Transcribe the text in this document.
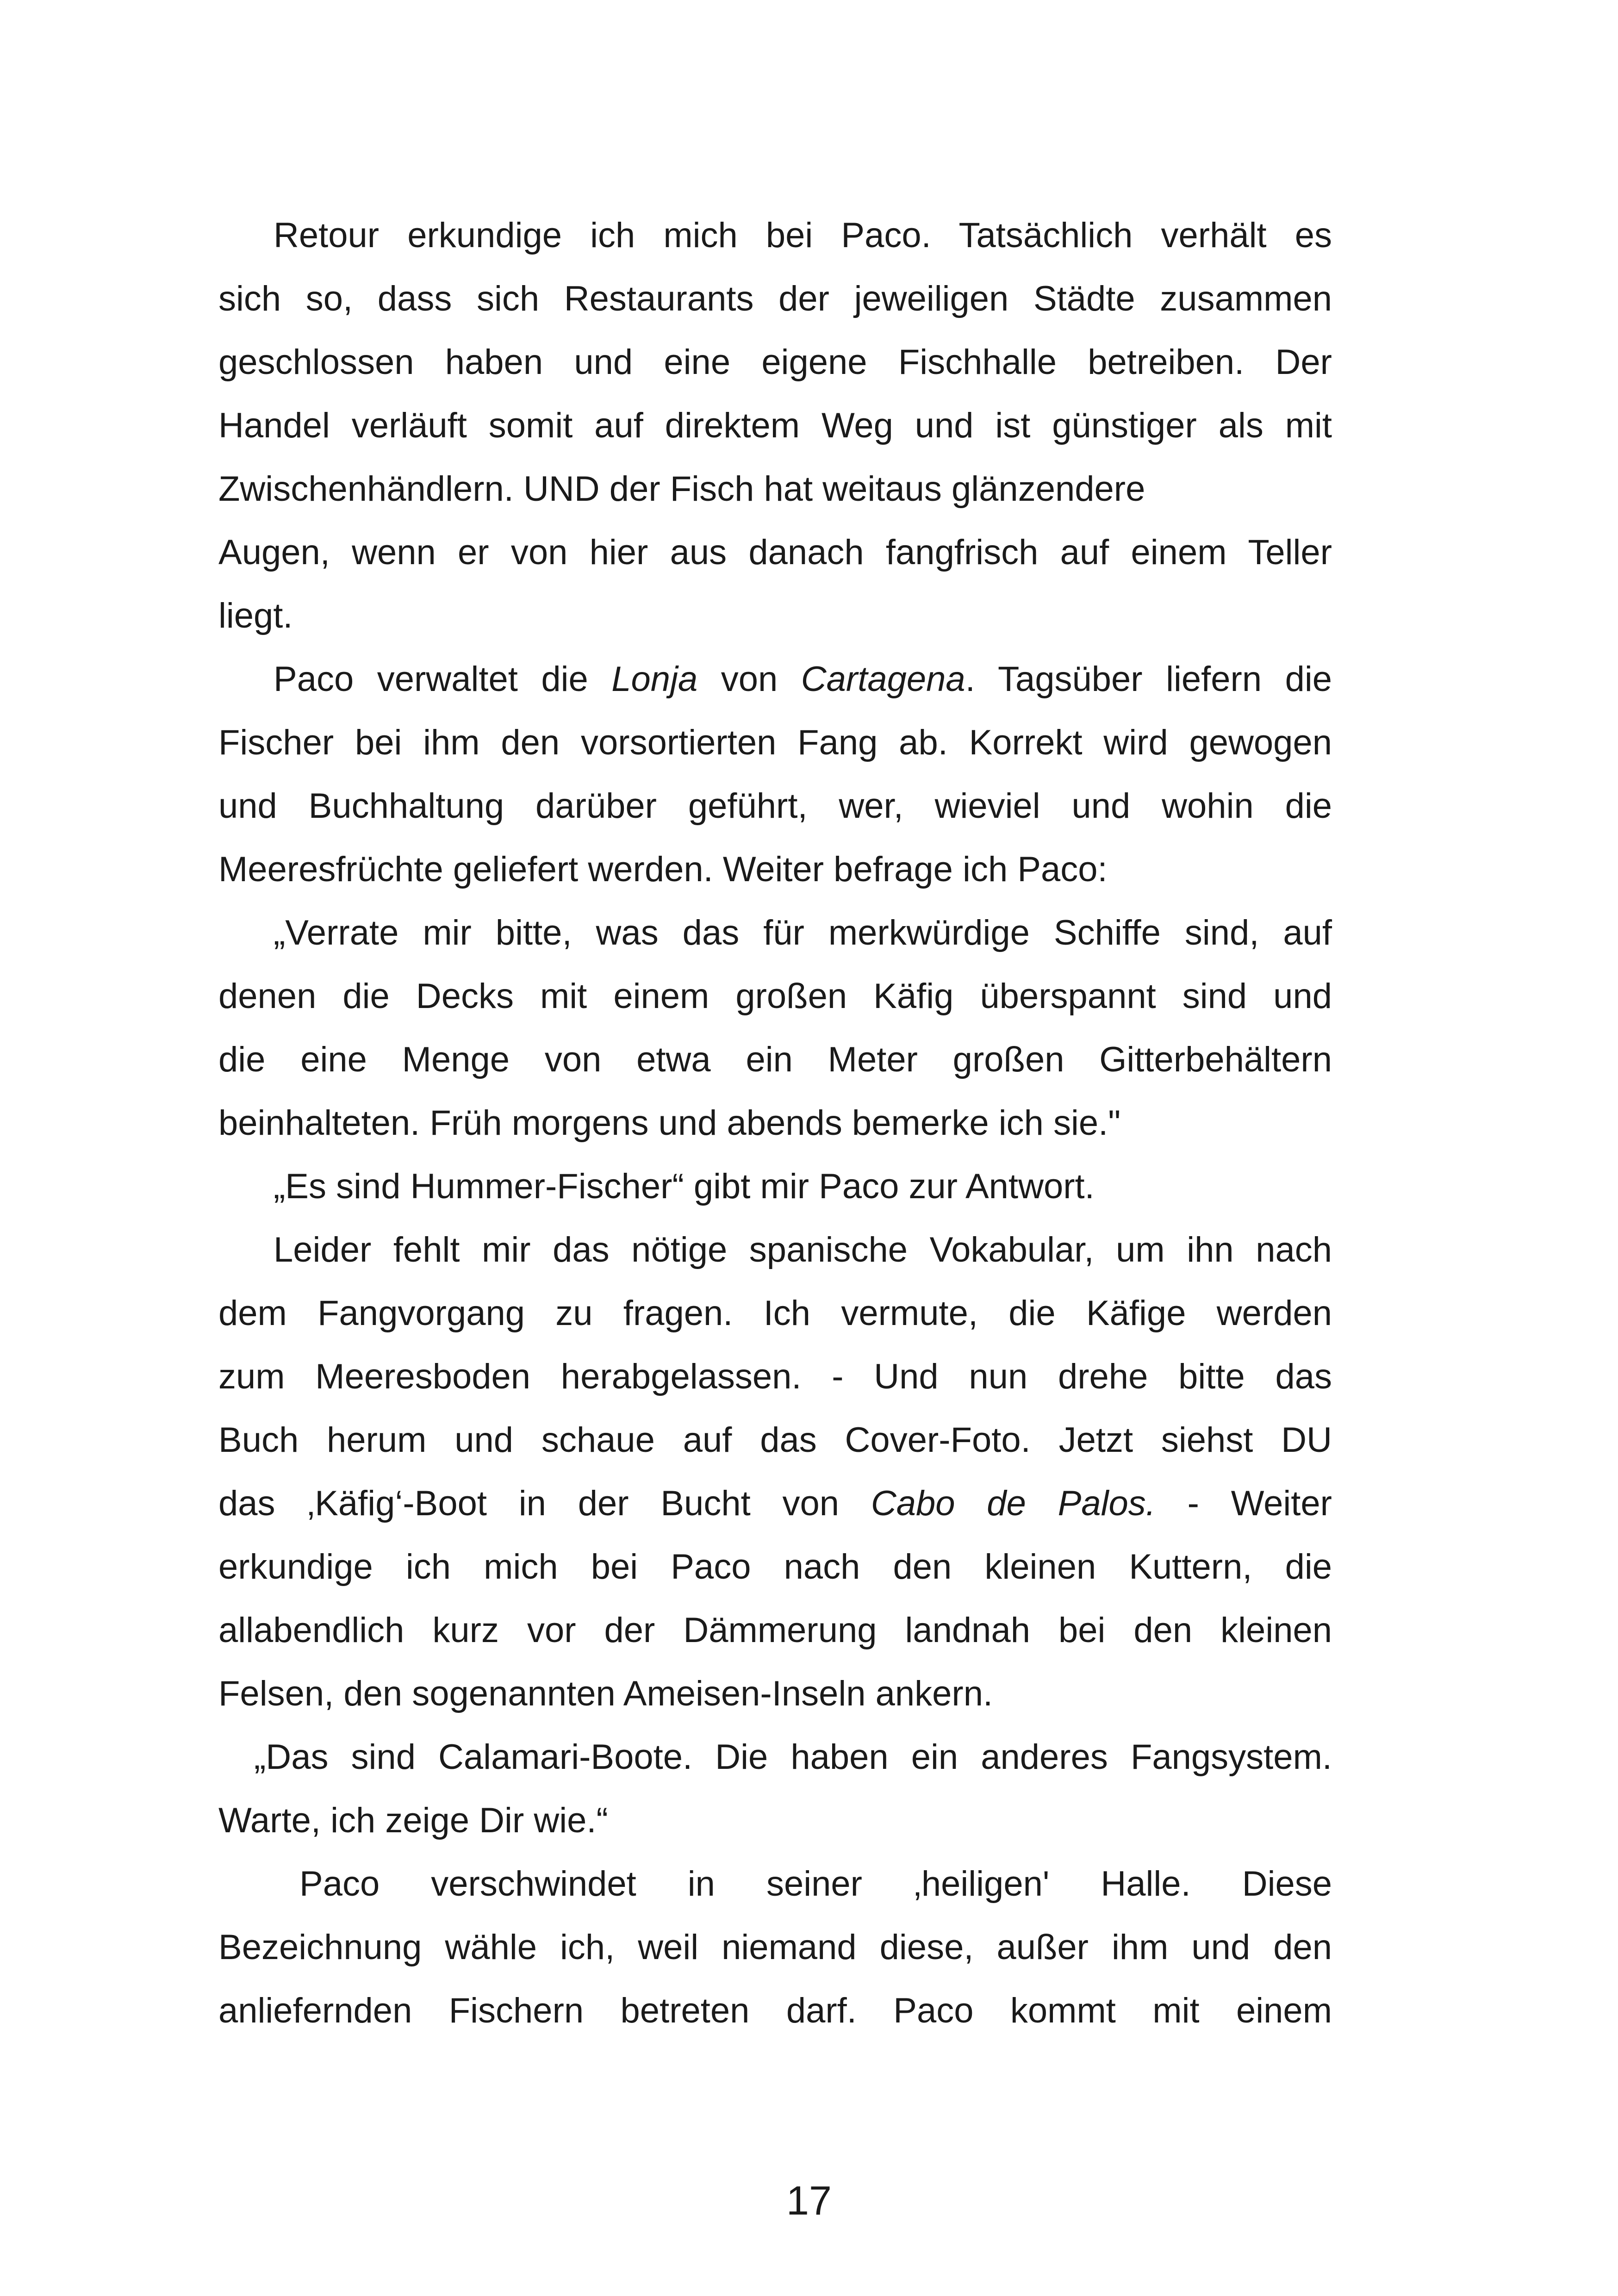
Retour erkundige ich mich bei Paco. Tatsächlich verhält es
sich so, dass sich Restaurants der jeweiligen Städte zusammen
geschlossen haben und eine eigene Fischhalle betreiben. Der
Handel verläuft somit auf direktem Weg und ist günstiger als mit
Zwischenhändlern. UND der Fisch hat weitaus glänzendere
Augen, wenn er von hier aus danach fangfrisch auf einem Teller
liegt.
Paco verwaltet die Lonja von Cartagena. Tagsüber liefern die
Fischer bei ihm den vorsortierten Fang ab. Korrekt wird gewogen
und Buchhaltung darüber geführt, wer, wieviel und wohin die
Meeresfrüchte geliefert werden. Weiter befrage ich Paco:
„Verrate mir bitte, was das für merkwürdige Schiffe sind, auf
denen die Decks mit einem großen Käfig überspannt sind und
die eine Menge von etwa ein Meter großen Gitterbehältern
beinhalteten. Früh morgens und abends bemerke ich sie."
„Es sind Hummer-Fischer“ gibt mir Paco zur Antwort.
Leider fehlt mir das nötige spanische Vokabular, um ihn nach
dem Fangvorgang zu fragen. Ich vermute, die Käfige werden
zum Meeresboden herabgelassen. - Und nun drehe bitte das
Buch herum und schaue auf das Cover-Foto. Jetzt siehst DU
das ‚Käfig‘-Boot in der Bucht von Cabo de Palos. - Weiter
erkundige ich mich bei Paco nach den kleinen Kuttern, die
allabendlich kurz vor der Dämmerung landnah bei den kleinen
Felsen, den sogenannten Ameisen-Inseln ankern.
„Das sind Calamari-Boote. Die haben ein anderes Fangsystem.
Warte, ich zeige Dir wie.“
Paco verschwindet in seiner ‚heiligen' Halle. Diese
Bezeichnung wähle ich, weil niemand diese, außer ihm und den
anliefernden Fischern betreten darf. Paco kommt mit einem
17
